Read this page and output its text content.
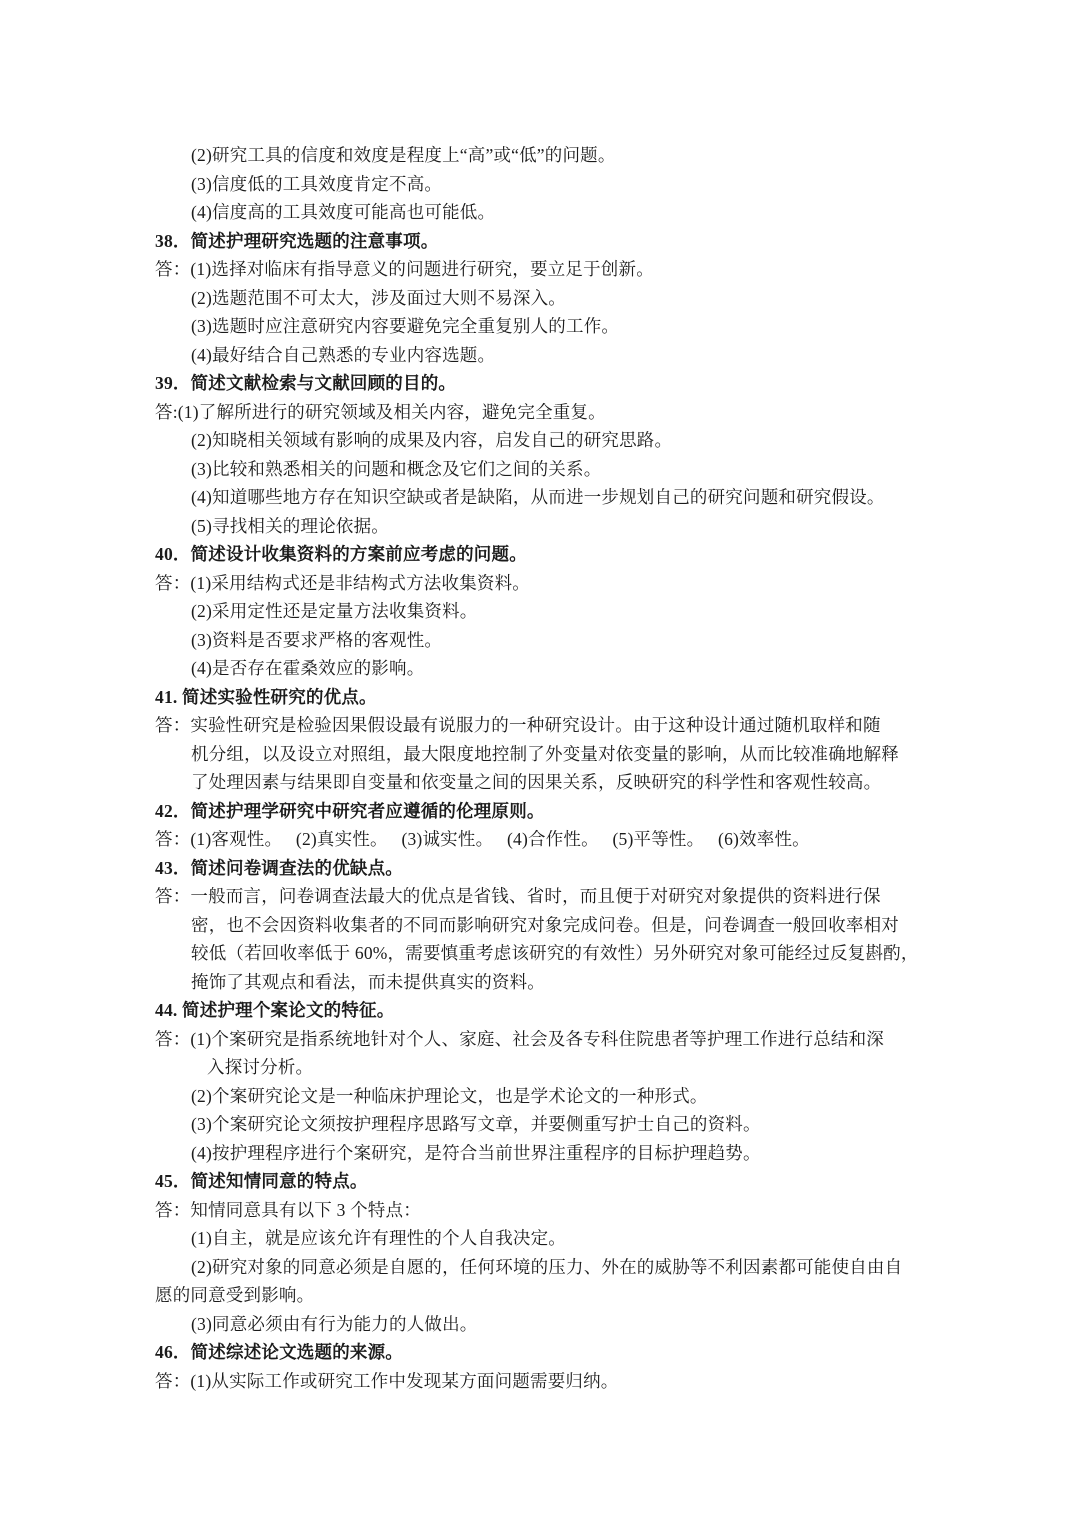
(2)研究工具的信度和效度是程度上“高”或“低”的问题。
(3)信度低的工具效度肯定不高。
(4)信度高的工具效度可能高也可能低。
38．简述护理研究选题的注意事项。
答：(1)选择对临床有指导意义的问题进行研究，要立足于创新。
(2)选题范围不可太大，涉及面过大则不易深入。
(3)选题时应注意研究内容要避免完全重复别人的工作。
(4)最好结合自己熟悉的专业内容选题。
39．简述文献检索与文献回顾的目的。
答:(1)了解所进行的研究领域及相关内容，避免完全重复。
(2)知晓相关领域有影响的成果及内容，启发自己的研究思路。
(3)比较和熟悉相关的问题和概念及它们之间的关系。
(4)知道哪些地方存在知识空缺或者是缺陷，从而进一步规划自己的研究问题和研究假设。
(5)寻找相关的理论依据。
40．简述设计收集资料的方案前应考虑的问题。
答：(1)采用结构式还是非结构式方法收集资料。
(2)采用定性还是定量方法收集资料。
(3)资料是否要求严格的客观性。
(4)是否存在霍桑效应的影响。
41. 简述实验性研究的优点。
答：实验性研究是检验因果假设最有说服力的一种研究设计。由于这种设计通过随机取样和随
机分组，以及设立对照组，最大限度地控制了外变量对依变量的影响，从而比较准确地解释
了处理因素与结果即自变量和依变量之间的因果关系，反映研究的科学性和客观性较高。
42．简述护理学研究中研究者应遵循的伦理原则。
答：(1)客观性。   (2)真实性。   (3)诚实性。   (4)合作性。   (5)平等性。   (6)效率性。
43．简述问卷调查法的优缺点。
答：一般而言，问卷调查法最大的优点是省钱、省时，而且便于对研究对象提供的资料进行保
密，也不会因资料收集者的不同而影响研究对象完成问卷。但是，问卷调查一般回收率相对
较低（若回收率低于 60%，需要慎重考虑该研究的有效性）另外研究对象可能经过反复斟酌，
掩饰了其观点和看法，而未提供真实的资料。
44. 简述护理个案论文的特征。
答：(1)个案研究是指系统地针对个人、家庭、社会及各专科住院患者等护理工作进行总结和深
入探讨分析。
(2)个案研究论文是一种临床护理论文，也是学术论文的一种形式。
(3)个案研究论文须按护理程序思路写文章，并要侧重写护士自己的资料。
(4)按护理程序进行个案研究，是符合当前世界注重程序的目标护理趋势。
45．简述知情同意的特点。
答：知情同意具有以下 3 个特点：
(1)自主，就是应该允许有理性的个人自我决定。
(2)研究对象的同意必须是自愿的，任何环境的压力、外在的威胁等不利因素都可能使自由自
愿的同意受到影响。
(3)同意必须由有行为能力的人做出。
46．简述综述论文选题的来源。
答：(1)从实际工作或研究工作中发现某方面问题需要归纳。
